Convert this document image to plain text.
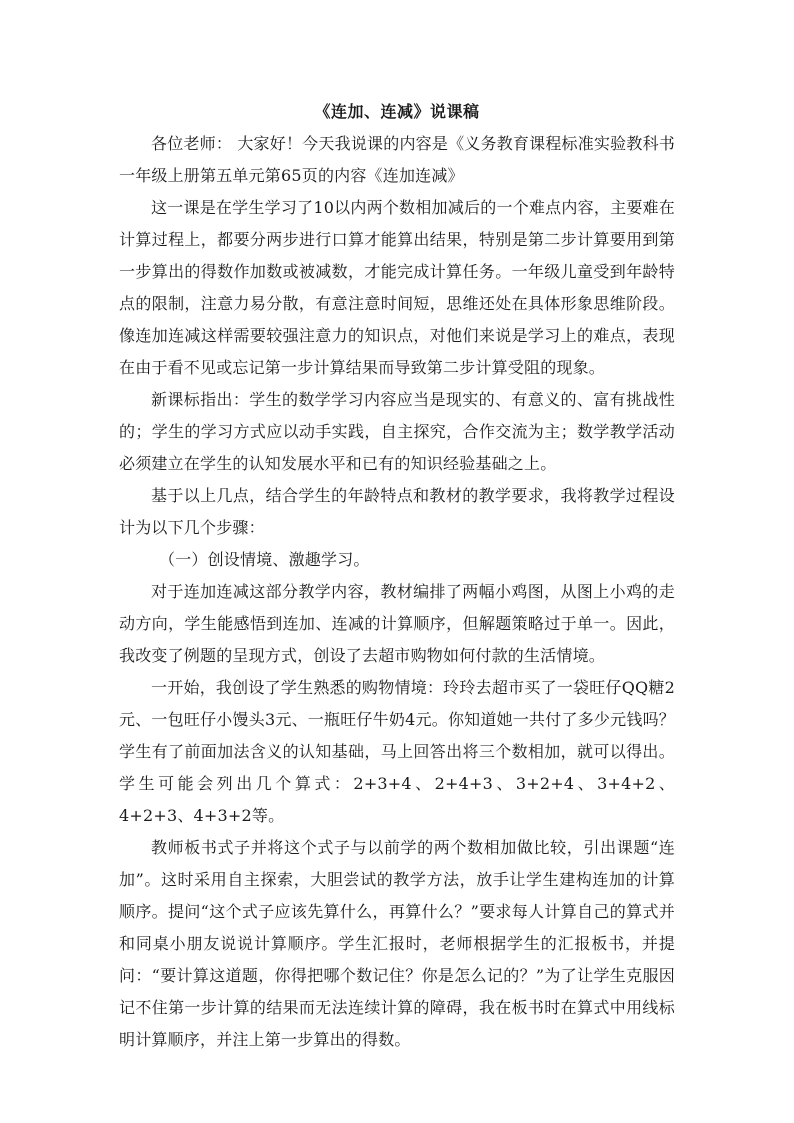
《连加、连减》说课稿

各位老师： 大家好！今天我说课的内容是《义务教育课程标准实验教科书一年级上册第五单元第65页的内容《连加连减》

这一课是在学生学习了10以内两个数相加减后的一个难点内容，主要难在计算过程上，都要分两步进行口算才能算出结果，特别是第二步计算要用到第一步算出的得数作加数或被减数，才能完成计算任务。一年级儿童受到年龄特点的限制，注意力易分散，有意注意时间短，思维还处在具体形象思维阶段。像连加连减这样需要较强注意力的知识点，对他们来说是学习上的难点，表现在由于看不见或忘记第一步计算结果而导致第二步计算受阻的现象。

新课标指出：学生的数学学习内容应当是现实的、有意义的、富有挑战性的；学生的学习方式应以动手实践，自主探究，合作交流为主；数学教学活动必须建立在学生的认知发展水平和已有的知识经验基础之上。

基于以上几点，结合学生的年龄特点和教材的教学要求，我将教学过程设计为以下几个步骤：

（一）创设情境、激趣学习。

对于连加连减这部分教学内容，教材编排了两幅小鸡图，从图上小鸡的走动方向，学生能感悟到连加、连减的计算顺序，但解题策略过于单一。因此，我改变了例题的呈现方式，创设了去超市购物如何付款的生活情境。

一开始，我创设了学生熟悉的购物情境：玲玲去超市买了一袋旺仔QQ糖2元、一包旺仔小馒头3元、一瓶旺仔牛奶4元。你知道她一共付了多少元钱吗？学生有了前面加法含义的认知基础，马上回答出将三个数相加，就可以得出。学生可能会列出几个算式：2+3+4、2+4+3、3+2+4、3+4+2、4+2+3、4+3+2等。

教师板书式子并将这个式子与以前学的两个数相加做比较，引出课题“连加”。这时采用自主探索，大胆尝试的教学方法，放手让学生建构连加的计算顺序。提问“这个式子应该先算什么，再算什么？”要求每人计算自己的算式并和同桌小朋友说说计算顺序。学生汇报时，老师根据学生的汇报板书，并提问：“要计算这道题，你得把哪个数记住？你是怎么记的？”为了让学生克服因记不住第一步计算的结果而无法连续计算的障碍，我在板书时在算式中用线标明计算顺序，并注上第一步算出的得数。
